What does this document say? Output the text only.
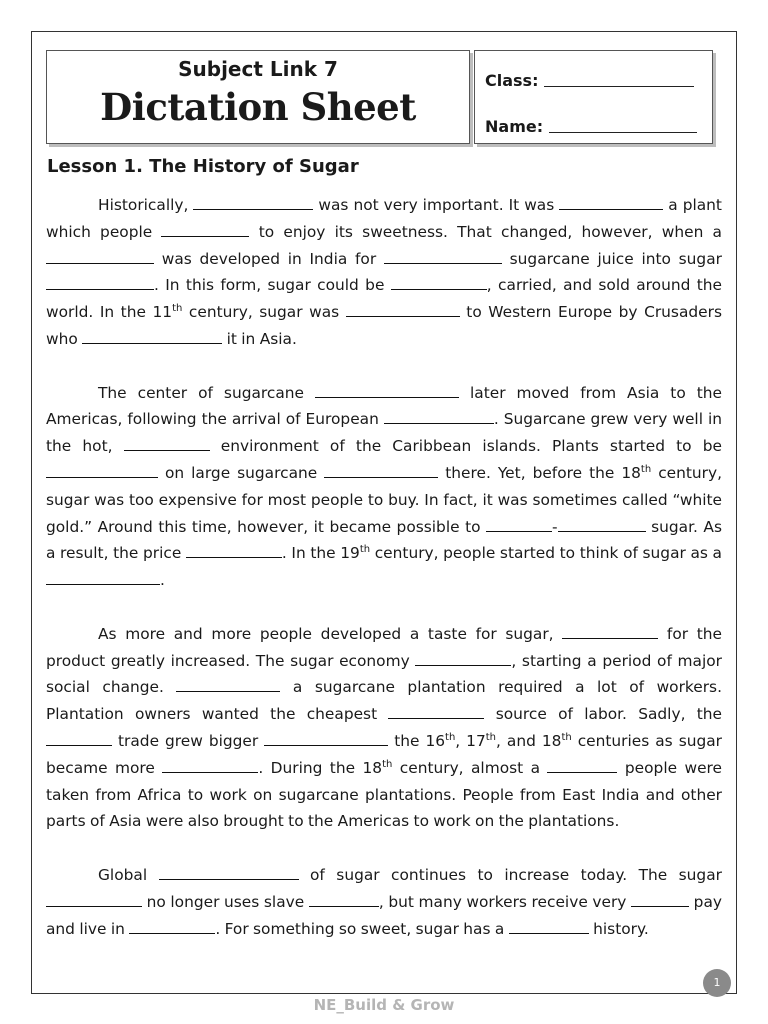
Subject Link 7
Dictation Sheet
Class:
Name:
Lesson 1. The History of Sugar

Historically,	was not very important. It was	a plant which people	to enjoy its sweetness. That changed, however, when a  was developed in India for	sugarcane juice into sugar . In this form, sugar could be	, carried, and sold around the world. In the 11th century, sugar was	to Western Europe by Crusaders who	it in Asia.

The center of sugarcane	later moved from Asia to the Americas, following the arrival of European	. Sugarcane grew very well in the hot,	environment of the Caribbean islands. Plants started to be  on large sugarcane	there. Yet, before the 18th century, sugar was too expensive for most people to buy. In fact, it was sometimes called “white gold.” Around this time, however, it became possible to	-	sugar. As a result, the price	. In the 19th century, people started to think of sugar as a .

As more and more people developed a taste for sugar,	for the product greatly increased. The sugar economy	, starting a period of major social change.	a sugarcane plantation required a lot of workers. Plantation owners wanted the cheapest	source of labor. Sadly, the  trade grew bigger	the 16th, 17th, and 18th centuries as sugar became more	. During the 18th century, almost a	people were taken from Africa to work on sugarcane plantations. People from East India and other parts of Asia were also brought to the Americas to work on the plantations.

Global	of sugar continues to increase today. The sugar  no longer uses slave	, but many workers receive very	pay and live in	. For something so sweet, sugar has a	history.

1
NE_Build & Grow
